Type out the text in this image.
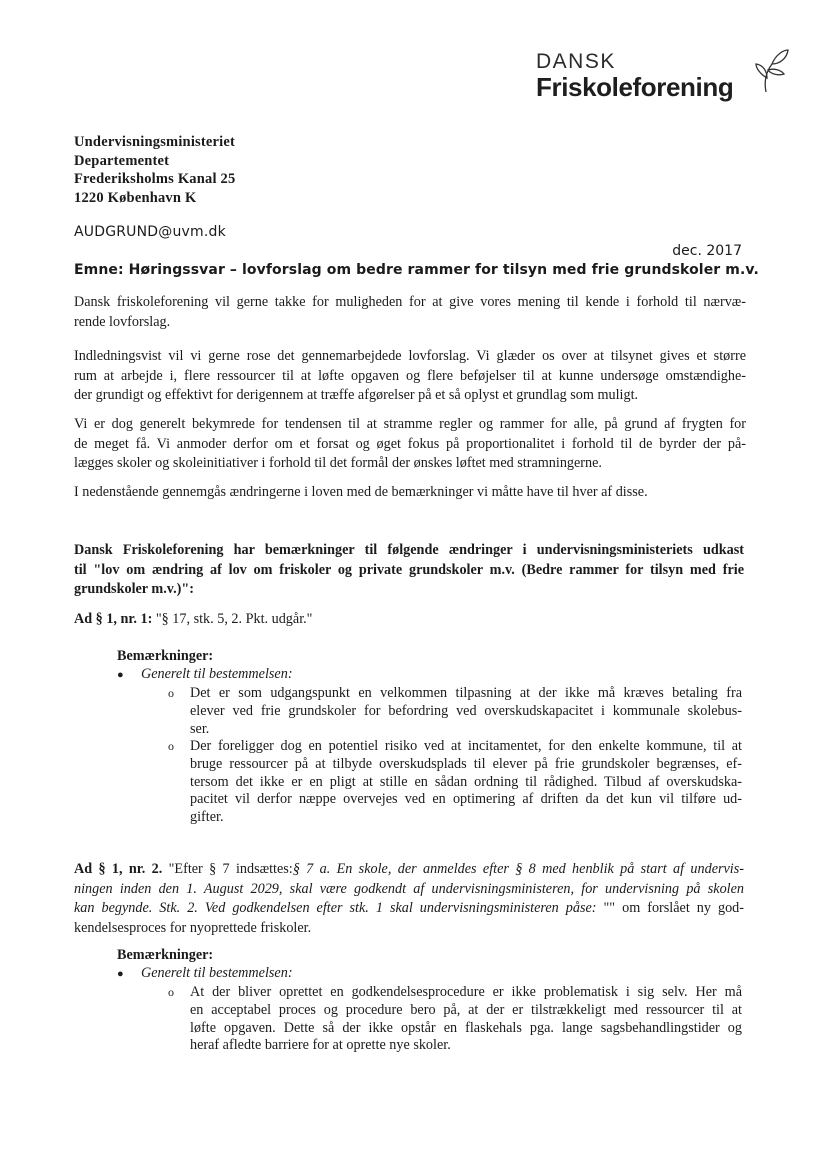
DANSK
Friskoleforening
Undervisningsministeriet
Departementet
Frederiksholms Kanal 25
1220 København K
AUDGRUND@uvm.dk
dec. 2017
Emne: Høringssvar – lovforslag om bedre rammer for tilsyn med frie grundskoler m.v.
Dansk friskoleforening vil gerne takke for muligheden for at give vores mening til kende i forhold til nærvæ-
rende lovforslag.
Indledningsvist vil vi gerne rose det gennemarbejdede lovforslag. Vi glæder os over at tilsynet gives et større
rum at arbejde i, flere ressourcer til at løfte opgaven og flere beføjelser til at kunne undersøge omstændighe-
der grundigt og effektivt for derigennem at træffe afgørelser på et så oplyst et grundlag som muligt.
Vi er dog generelt bekymrede for tendensen til at stramme regler og rammer for alle, på grund af frygten for
de meget få. Vi anmoder derfor om et forsat og øget fokus på proportionalitet i forhold til de byrder der på-
lægges skoler og skoleinitiativer i forhold til det formål der ønskes løftet med stramningerne.
I nedenstående gennemgås ændringerne i loven med de bemærkninger vi måtte have til hver af disse.
Dansk Friskoleforening har bemærkninger til følgende ændringer i undervisningsministeriets udkast
til "lov om ændring af lov om friskoler og private grundskoler m.v. (Bedre rammer for tilsyn med frie
grundskoler m.v.)":
Ad § 1, nr. 1: "§ 17, stk. 5, 2. Pkt. udgår."
Bemærkninger:
● Generelt til bestemmelsen:
o Det er som udgangspunkt en velkommen tilpasning at der ikke må kræves betaling fra
elever ved frie grundskoler for befordring ved overskudskapacitet i kommunale skolebus-
ser.
o Der foreligger dog en potentiel risiko ved at incitamentet, for den enkelte kommune, til at
bruge ressourcer på at tilbyde overskudsplads til elever på frie grundskoler begrænses, ef-
tersom det ikke er en pligt at stille en sådan ordning til rådighed. Tilbud af overskudska-
pacitet vil derfor næppe overvejes ved en optimering af driften da det kun vil tilføre ud-
gifter.
Ad § 1, nr. 2. "Efter § 7 indsættes:§ 7 a. En skole, der anmeldes efter § 8 med henblik på start af undervis-
ningen inden den 1. August 2029, skal være godkendt af undervisningsministeren, for undervisning på skolen
kan begynde. Stk. 2. Ved godkendelsen efter stk. 1 skal undervisningsministeren påse: "" om forslået ny god-
kendelsesproces for nyoprettede friskoler.
Bemærkninger:
● Generelt til bestemmelsen:
o At der bliver oprettet en godkendelsesprocedure er ikke problematisk i sig selv. Her må
en acceptabel proces og procedure bero på, at der er tilstrækkeligt med ressourcer til at
løfte opgaven. Dette så der ikke opstår en flaskehals pga. lange sagsbehandlingstider og
heraf afledte barriere for at oprette nye skoler.
